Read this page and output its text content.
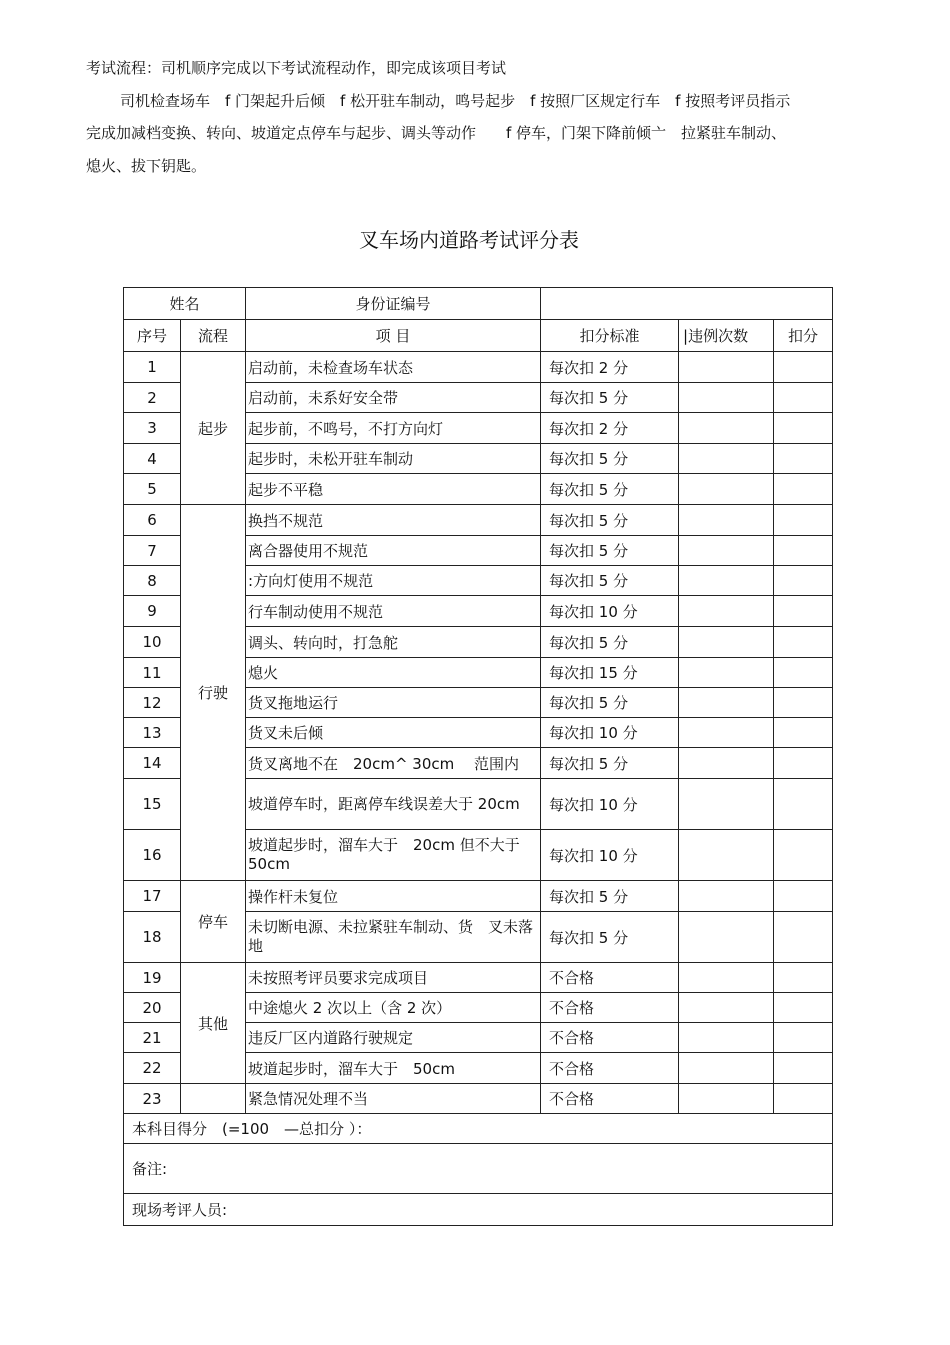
考试流程：司机顺序完成以下考试流程动作，即完成该项目考试
司机检查场车　f 门架起升后倾　f 松开驻车制动，鸣号起步　f 按照厂区规定行车　f 按照考评员指示
完成加减档变换、转向、坡道定点停车与起步、调头等动作　　f 停车，门架下降前倾亠　拉紧驻车制动、
熄火、拔下钥匙。
叉车场内道路考试评分表
姓名		身份证编号			
序号	流程	项 目	扣分标准	|违例次数	扣分
1	起步	启动前，未检查场车状态	每次扣 2 分		
2		启动前，未系好安全带	每次扣 5 分		
3		起步前，不鸣号，不打方向灯	每次扣 2 分		
4		起步时，未松开驻车制动	每次扣 5 分		
5		起步不平稳	每次扣 5 分		
6	行驶	换挡不规范	每次扣 5 分		
7		离合器使用不规范	每次扣 5 分		
8		:方向灯使用不规范	每次扣 5 分		
9		行车制动使用不规范	每次扣 10 分		
10		调头、转向时，打急舵	每次扣 5 分		
11		熄火	每次扣 15 分		
12		货叉拖地运行	每次扣 5 分		
13		货叉未后倾	每次扣 10 分		
14		货叉离地不在　20cm^ 30cm　 范围内	每次扣 5 分		
15		坡道停车时，距离停车线误差大于 20cm	每次扣 10 分		
16		坡道起步时，溜车大于　20cm 但不大于 50cm	每次扣 10 分		
17	停车	操作杆未复位	每次扣 5 分		
18		未切断电源、未拉紧驻车制动、货　叉未落地	每次扣 5 分		
19	其他	未按照考评员要求完成项目	不合格		
20		中途熄火 2 次以上（含 2 次）	不合格		
21		违反厂区内道路行驶规定	不合格		
22		坡道起步时，溜车大于　50cm	不合格		
23		紧急情况处理不当	不合格		
本科目得分　(=100　—总扣分 ）：					
备注:					
现场考评人员:					
